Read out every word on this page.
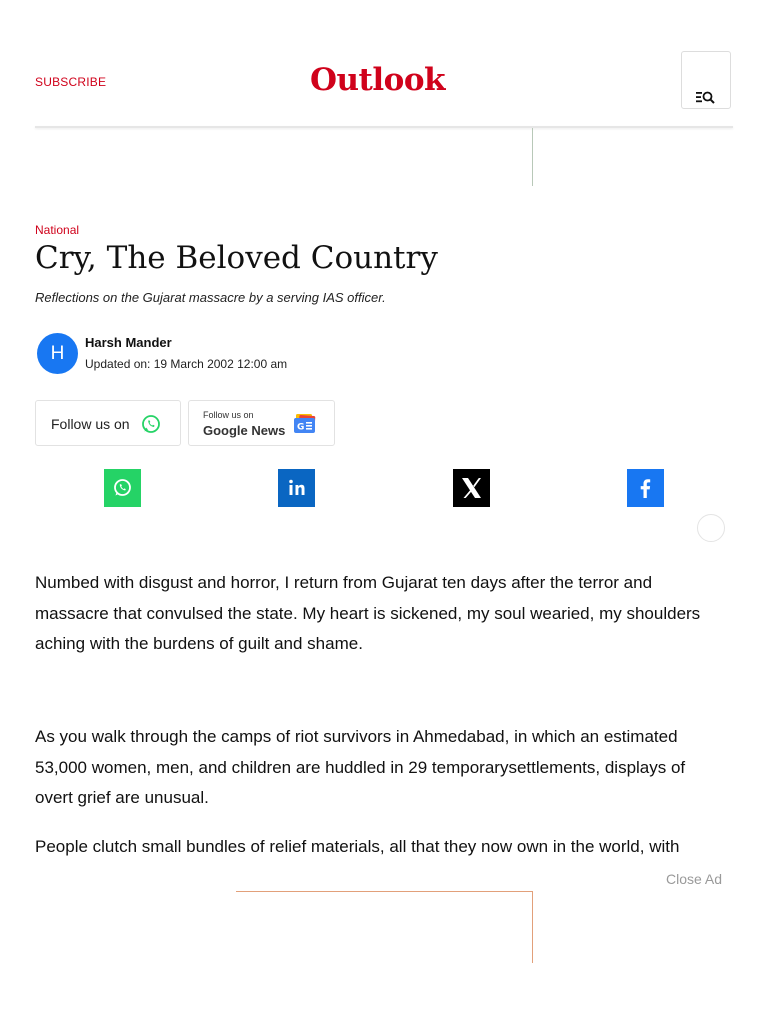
SUBSCRIBE	Outlook
National
Cry, The Beloved Country
Reflections on the Gujarat massacre by a serving IAS officer.
H
Harsh Mander
Updated on: 19 March 2002 12:00 am
Follow us on
Follow us on
Google News G

Numbed with disgust and horror, I return from Gujarat ten days after the terror and massacre that convulsed the state. My heart is sickened, my soul wearied, my shoulders aching with the burdens of guilt and shame.

As you walk through the camps of riot survivors in Ahmedabad, in which an estimated 53,000 women, men, and children are huddled in 29 temporarysettlements, displays of overt grief are unusual.

People clutch small bundles of relief materials, all that they now own in the world, with

Close Ad
